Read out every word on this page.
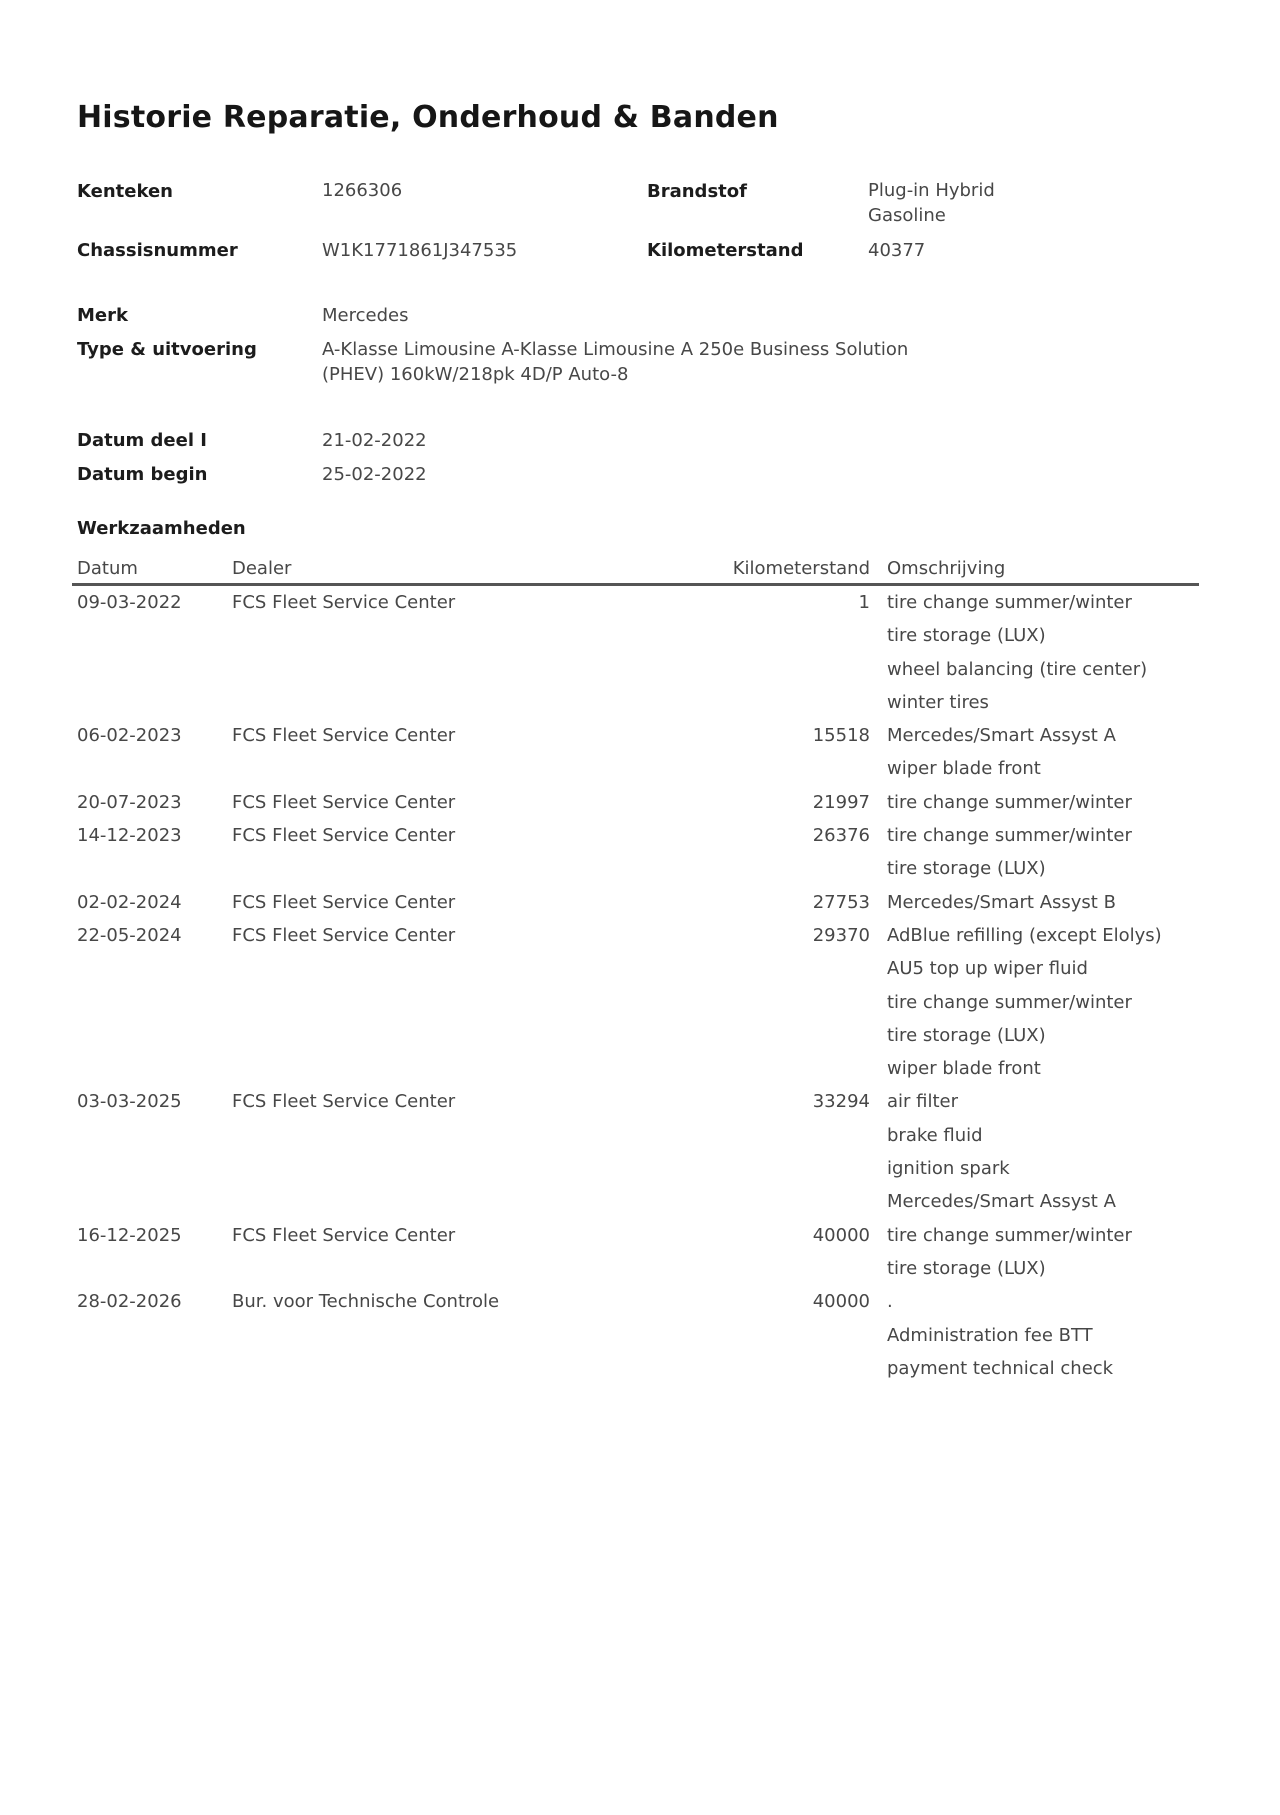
Historie Reparatie, Onderhoud & Banden
Kenteken	1266306	Brandstof	Plug-in Hybrid
Gasoline
Chassisnummer	W1K1771861J347535	Kilometerstand	40377
Merk	Mercedes
Type & uitvoering	A-Klasse Limousine A-Klasse Limousine A 250e Business Solution
(PHEV) 160kW/218pk 4D/P Auto-8
Datum deel I	21-02-2022
Datum begin	25-02-2022
Werkzaamheden
Datum	Dealer	Kilometerstand	Omschrijving
09-03-2022	FCS Fleet Service Center	1	tire change summer/winter
tire storage (LUX)
wheel balancing (tire center)
winter tires

06-02-2023	FCS Fleet Service Center	15518	Mercedes/Smart Assyst A
wiper blade front

20-07-2023	FCS Fleet Service Center	21997	tire change summer/winter

14-12-2023	FCS Fleet Service Center	26376	tire change summer/winter
tire storage (LUX)

02-02-2024	FCS Fleet Service Center	27753	Mercedes/Smart Assyst B

22-05-2024	FCS Fleet Service Center	29370	AdBlue refilling (except Elolys)
AU5 top up wiper fluid
tire change summer/winter
tire storage (LUX)
wiper blade front

03-03-2025	FCS Fleet Service Center	33294	air filter
brake fluid
ignition spark
Mercedes/Smart Assyst A

16-12-2025	FCS Fleet Service Center	40000	tire change summer/winter
tire storage (LUX)

28-02-2026	Bur. voor Technische Controle	40000	.
Administration fee BTT
payment technical check
